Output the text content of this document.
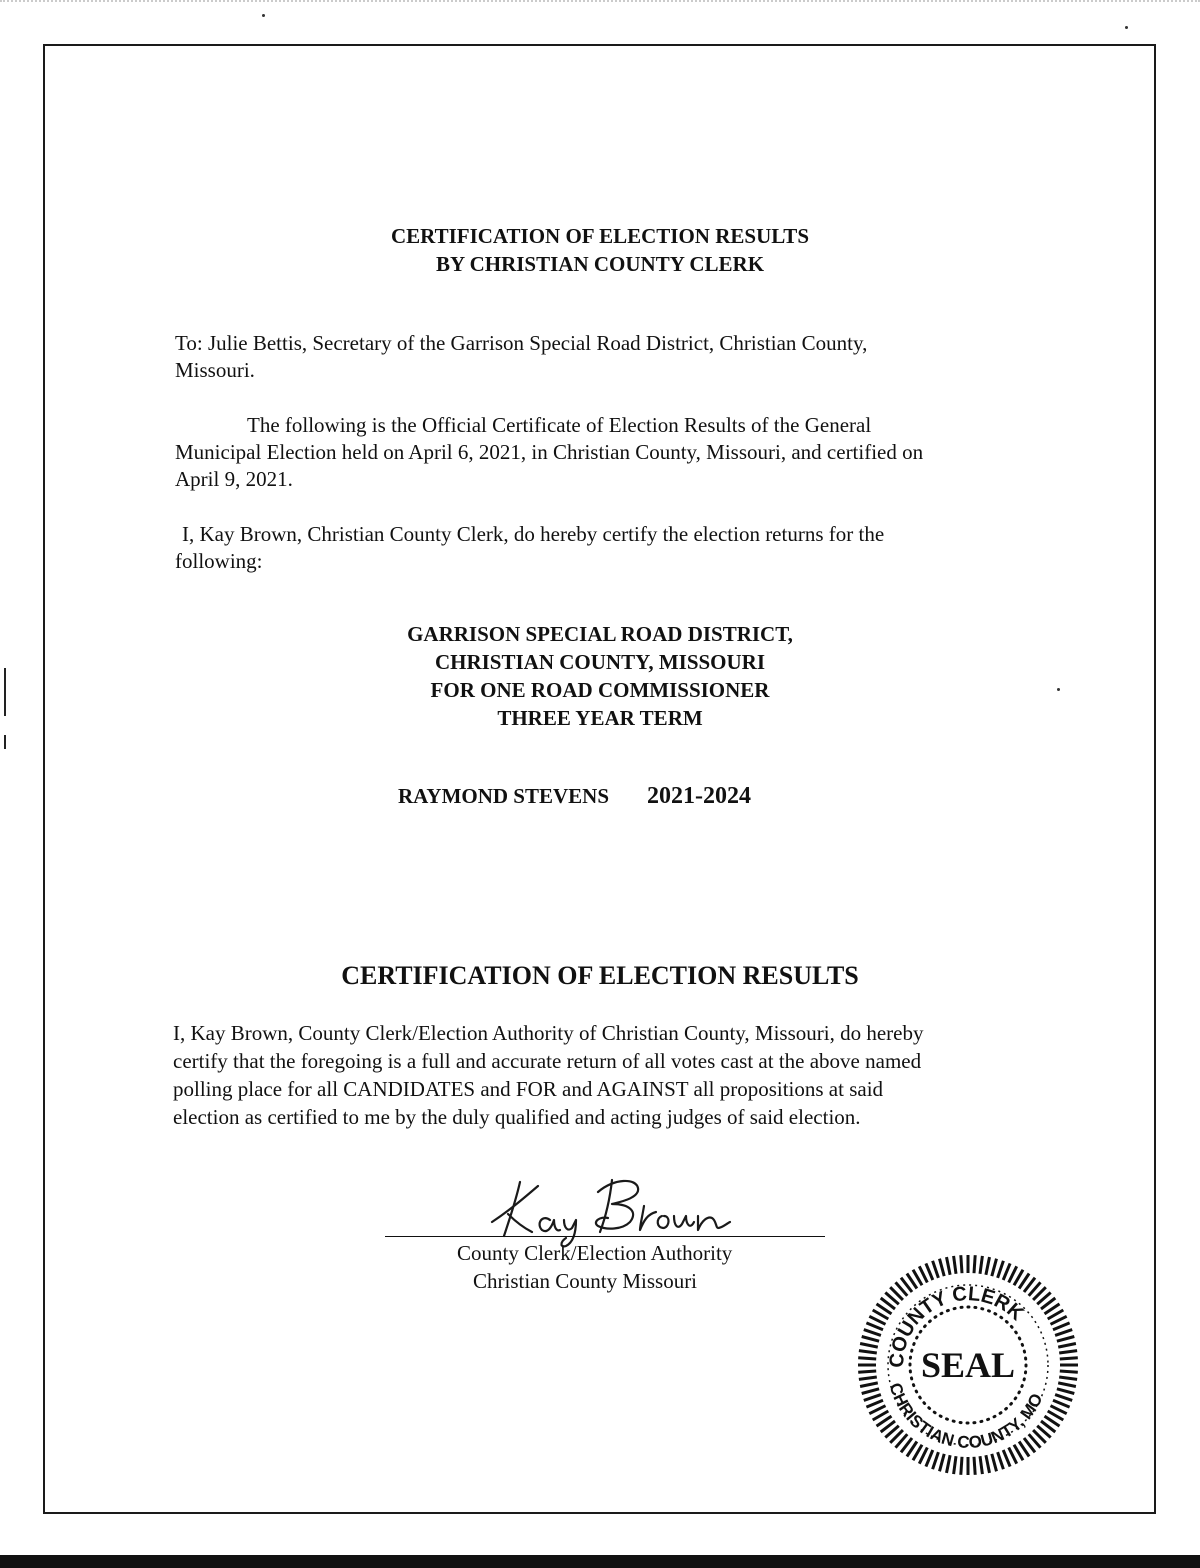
CERTIFICATION OF ELECTION RESULTS
BY CHRISTIAN COUNTY CLERK
To: Julie Bettis, Secretary of the Garrison Special Road District, Christian County,
Missouri.
The following is the Official Certificate of Election Results of the General
Municipal Election held on April 6, 2021, in Christian County, Missouri, and certified on
April 9, 2021.
I, Kay Brown, Christian County Clerk, do hereby certify the election returns for the
following:
GARRISON SPECIAL ROAD DISTRICT,
CHRISTIAN COUNTY, MISSOURI
FOR ONE ROAD COMMISSIONER
THREE YEAR TERM
RAYMOND STEVENS 2021-2024
CERTIFICATION OF ELECTION RESULTS
I, Kay Brown, County Clerk/Election Authority of Christian County, Missouri, do hereby
certify that the foregoing is a full and accurate return of all votes cast at the above named
polling place for all CANDIDATES and FOR and AGAINST all propositions at said
election as certified to me by the duly qualified and acting judges of said election.
County Clerk/Election Authority
Christian County Missouri
COUNTY CLERK
CHRISTIAN COUNTY, MO
SEAL
